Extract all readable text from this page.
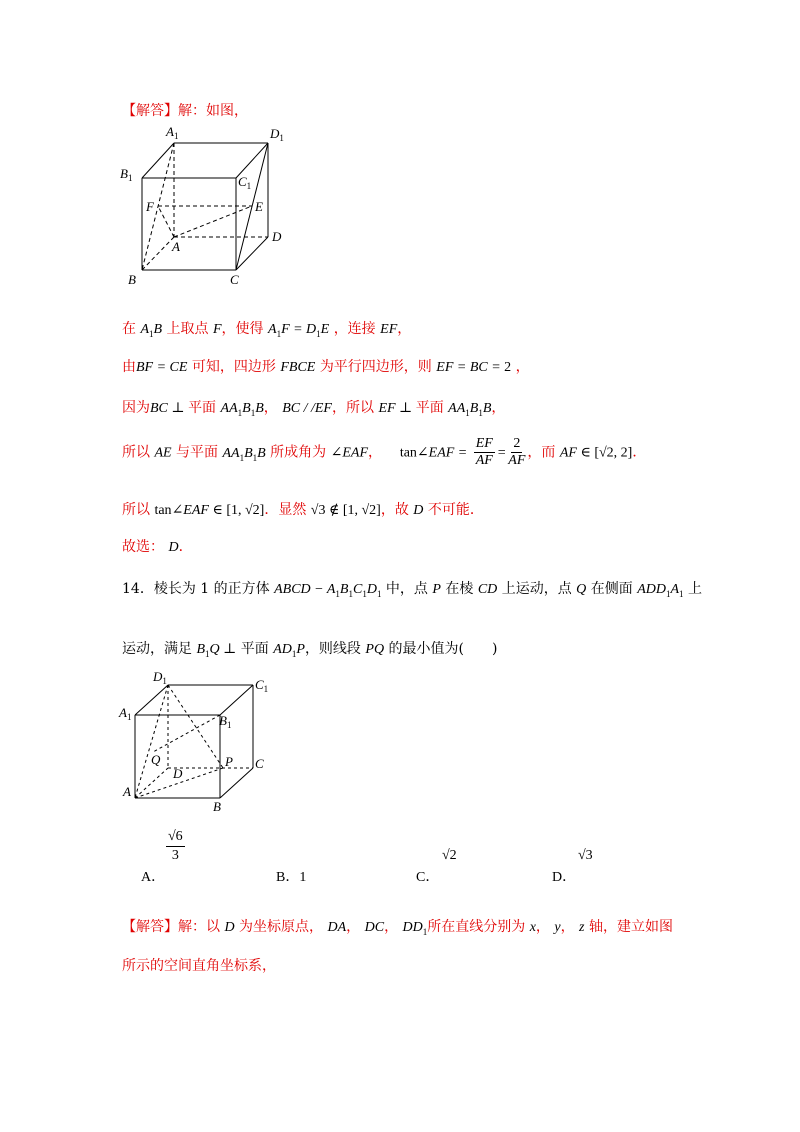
【解答】解：如图，
$A_1$	$D_1$
$B_1$	$C_1$
F	E
A
D
B	C
在 $A_1B$ 上取点 F，使得 $A_1F = D_1E$ ，连接 EF，
由BF = CE 可知，四边形 FBCE 为平行四边形，则 EF = BC = 2 ，
因为BC ⊥ 平面 $AA_1B_1B$， BC / /EF，所以 EF ⊥ 平面 $AA_1B_1B$，
所以 AE 与平面 $AA_1B_1B$ 所成角为 ∠EAF， tan∠EAF = $\frac{EF}{AF} = \frac{2}{AF}$ ，而 AF ∈ [√2, 2]．
所以 tan∠EAF ∈ [1, √2]．显然 √3 ∉ [1, √2]，故 D 不可能．
故选： D．
14．棱长为 1 的正方体 ABCD − $A_1B_1C_1D_1$ 中，点 P 在棱 CD 上运动，点 Q 在侧面 $ADD_1A_1$ 上
运动，满足 $B_1Q$ ⊥ 平面 $AD_1P$，则线段 PQ 的最小值为(　　)
$D_1$	$C_1$
$A_1$	$B_1$
Q	P C
D
A
B
A．
√6
3
B．1	C．
√2
D．
√3
【解答】解：以 D 为坐标原点， DA， DC， $DD_1$所在直线分别为 x， y， z 轴，建立如图
所示的空间直角坐标系，
